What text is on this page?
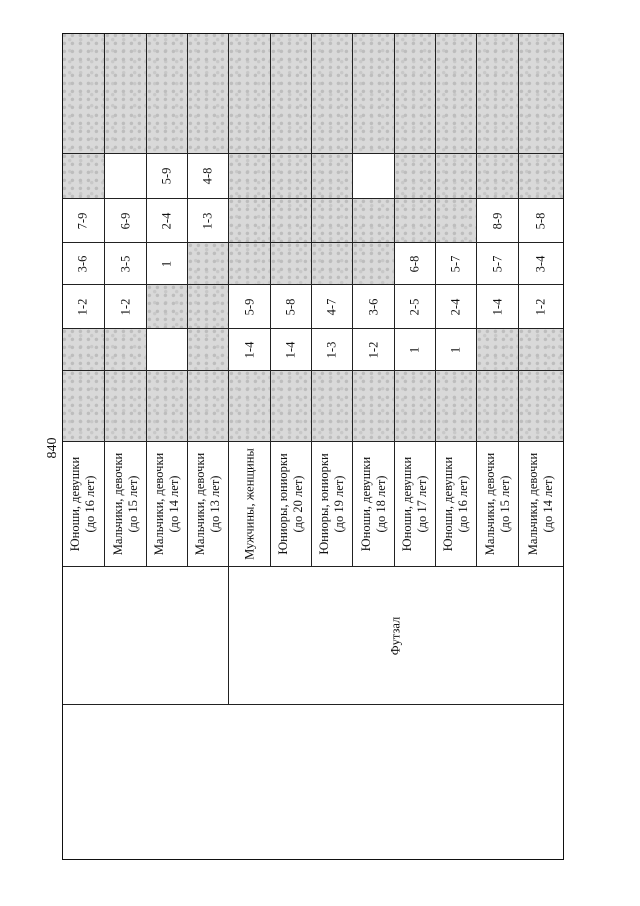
840
1-2
3-6
7-9
Юноши, девушки (до 16 лет)
1-2
3-5
6-9
Мальчики, девочки (до 15 лет)
1
2-4
5-9
Мальчики, девочки (до 14 лет)
1-3
4-8
Мальчики, девочки (до 13 лет)
1-4
5-9
Мужчины, женщины
1-4
5-8
Юниоры, юниорки (до 20 лет)
1-3
4-7
Юниоры, юниорки (до 19 лет)
1-2
3-6
Юноши, девушки (до 18 лет)
1
2-5
6-8
Юноши, девушки (до 17 лет)
1
2-4
5-7
Юноши, девушки (до 16 лет)
1-4
5-7
8-9
Мальчики, девочки (до 15 лет)
1-2
3-4
5-8
Мальчики, девочки (до 14 лет)
Футзал
